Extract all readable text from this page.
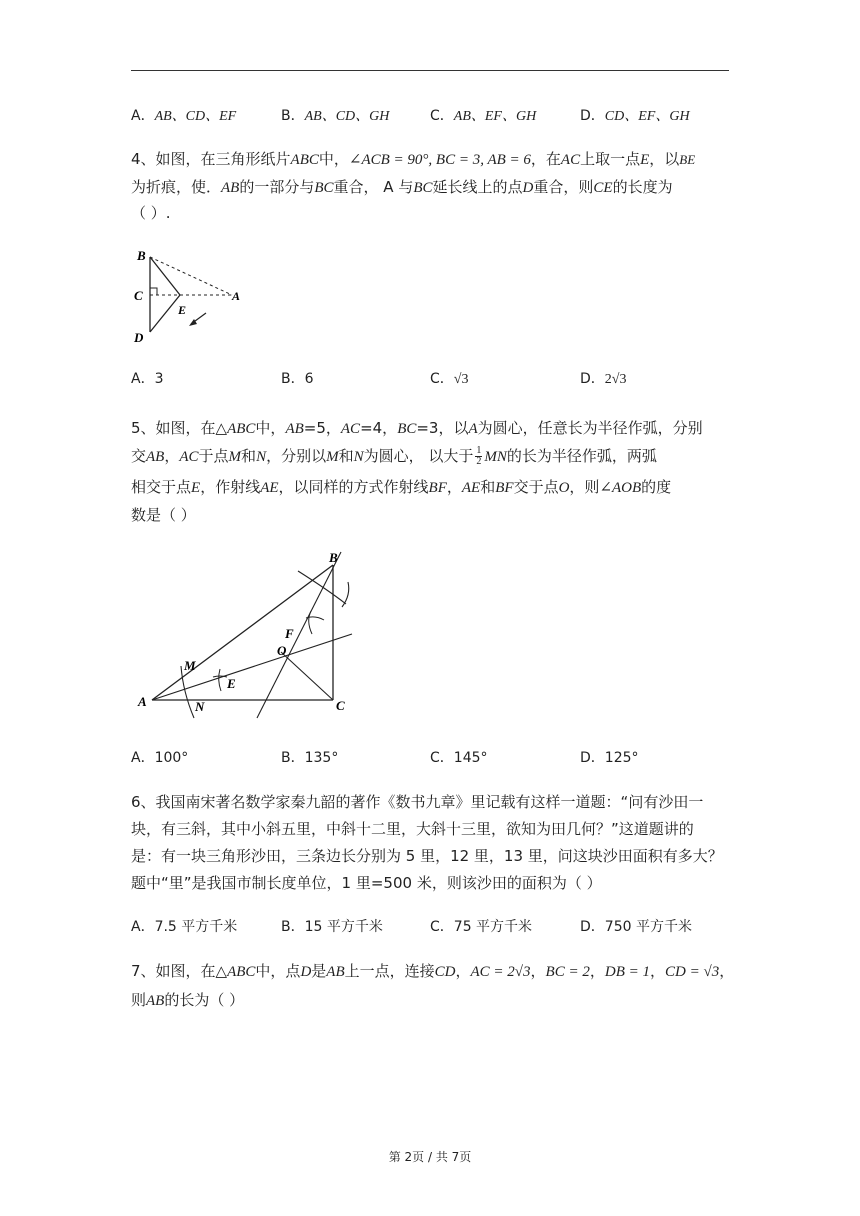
A．AB、CD、EF	B．AB、CD、GH	C．AB、EF、GH	D．CD、EF、GH
4、如图，在三角形纸片ABC中，∠ACB = 90°, BC = 3, AB = 6，在AC上取一点E，以BE
为折痕，使．AB的一部分与BC重合， A 与BC延长线上的点D重合，则CE的长度为
（ ）.
B
C	A
E
D
A．3	B．6	C．√3	D．2√3
5、如图，在△ABC中，AB=5，AC=4，BC=3，以A为圆心，任意长为半径作弧，分别
交AB，AC于点M和N，分别以M和N为圆心， 以大于 $\frac{1}{2}$ MN的长为半径作弧，两弧
相交于点E，作射线AE，以同样的方式作射线BF，AE和BF交于点O，则∠AOB的度
数是（ ）
B
F
O
M
E
A	N	C
A．100°	B．135°	C．145°	D．125°
6、我国南宋著名数学家秦九韶的著作《数书九章》里记载有这样一道题：“问有沙田一
块，有三斜，其中小斜五里，中斜十二里，大斜十三里，欲知为田几何？”这道题讲的
是：有一块三角形沙田，三条边长分别为 5 里，12 里，13 里，问这块沙田面积有多大？
题中“里”是我国市制长度单位，1 里=500 米，则该沙田的面积为（ ）
A．7.5 平方千米	B．15 平方千米	C．75 平方千米	D．750 平方千米
7、如图，在△ABC中，点D是AB上一点，连接CD，AC = 2√3，BC = 2，DB = 1，CD = √3，
则AB的长为（ ）
第 2页 / 共 7页
